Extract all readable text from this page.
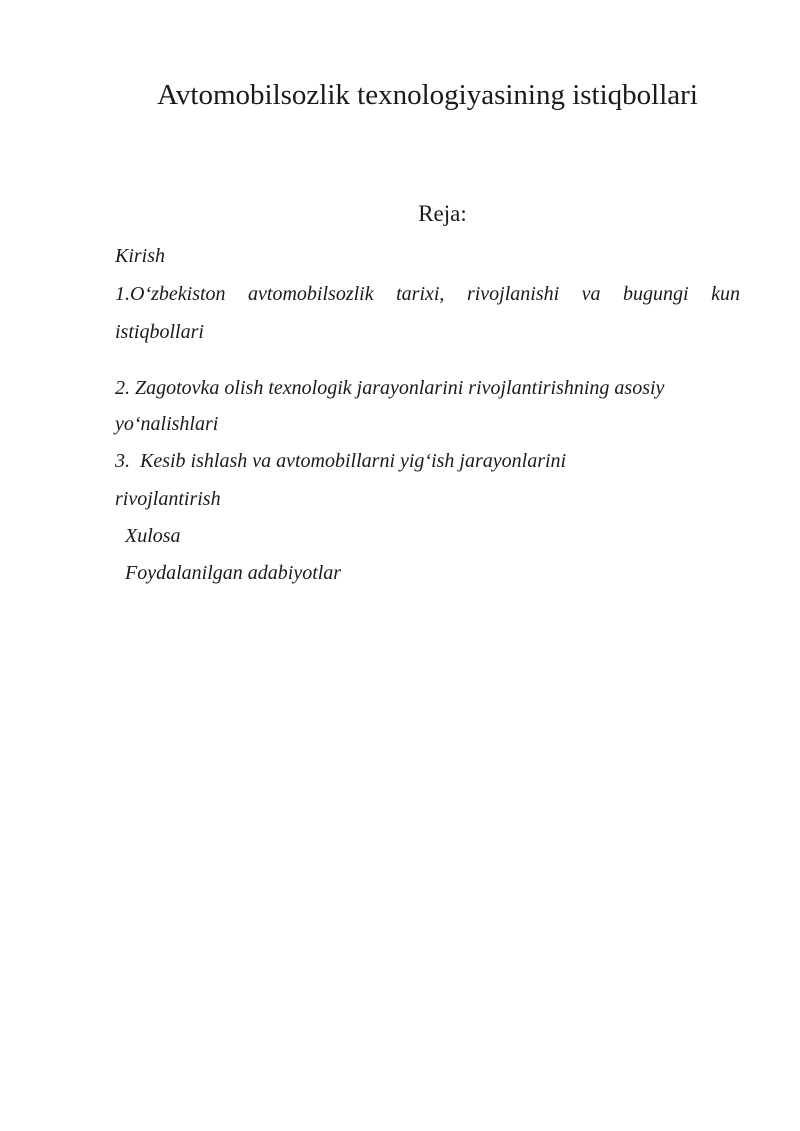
Avtomobilsozlik texnologiyasining istiqbollari
Reja:
Kirish
1.O‘zbekiston avtomobilsozlik tarixi, rivojlanishi va bugungi kun
istiqbollari
2. Zagotovka olish texnologik jarayonlarini rivojlantirishning asosiy
yo‘nalishlari
3.  Kesib ishlash va avtomobillarni yig‘ish jarayonlarini
rivojlantirish
Xulosa
Foydalanilgan adabiyotlar
